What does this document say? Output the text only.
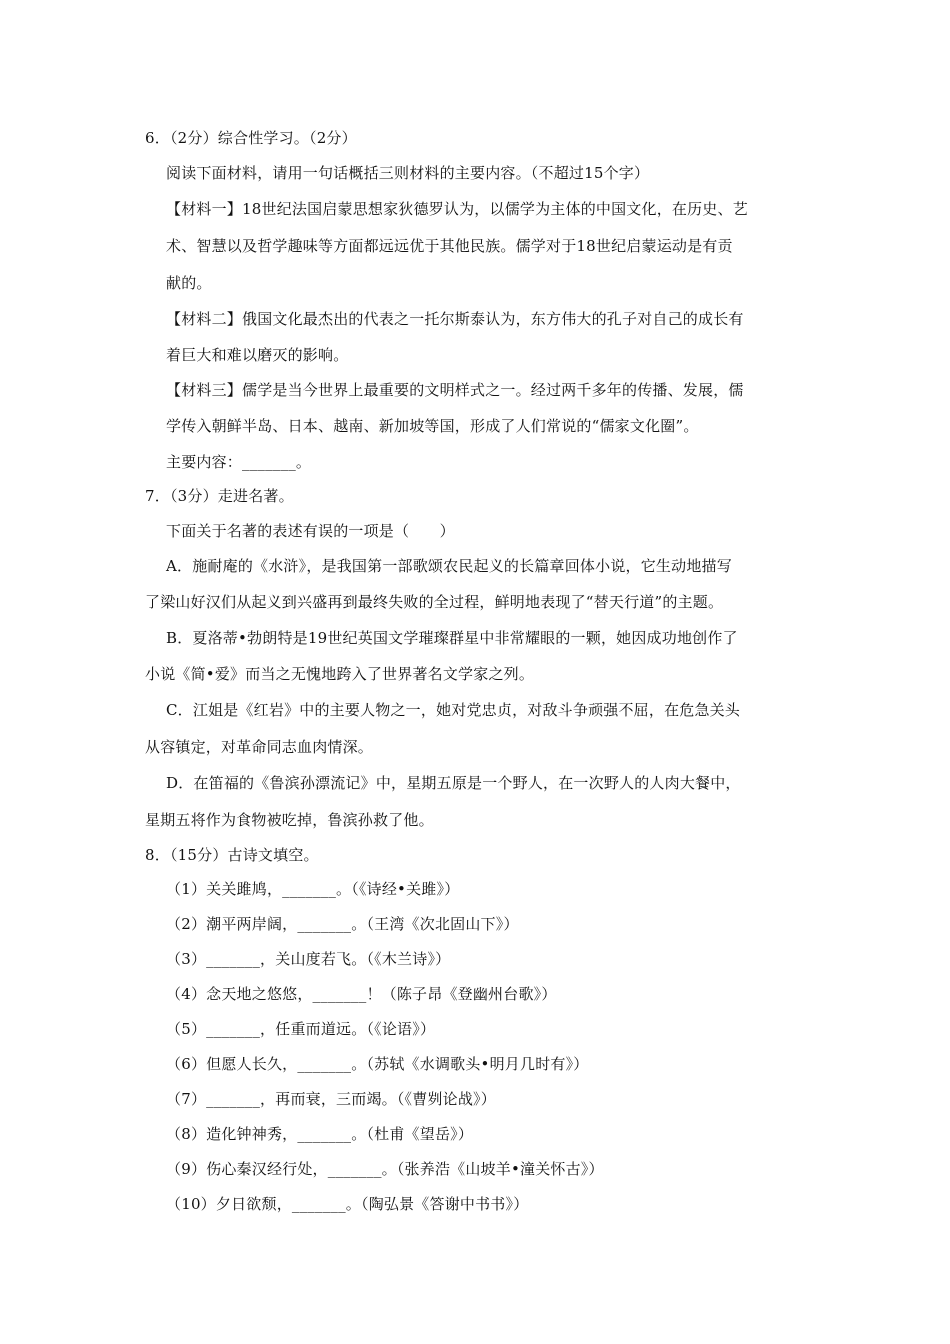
6．（2分）综合性学习。（2分）
阅读下面材料，请用一句话概括三则材料的主要内容。（不超过15个字）
【材料一】18世纪法国启蒙思想家狄德罗认为，以儒学为主体的中国文化，在历史、艺
术、智慧以及哲学趣味等方面都远远优于其他民族。儒学对于18世纪启蒙运动是有贡
献的。
【材料二】俄国文化最杰出的代表之一托尔斯泰认为，东方伟大的孔子对自己的成长有
着巨大和难以磨灭的影响。
【材料三】儒学是当今世界上最重要的文明样式之一。经过两千多年的传播、发展，儒
学传入朝鲜半岛、日本、越南、新加坡等国，形成了人们常说的“儒家文化圈”。
主要内容：_______。
7．（3分）走进名著。
下面关于名著的表述有误的一项是（　　）
A．施耐庵的《水浒》，是我国第一部歌颂农民起义的长篇章回体小说，它生动地描写
了梁山好汉们从起义到兴盛再到最终失败的全过程，鲜明地表现了“替天行道”的主题。
B．夏洛蒂•勃朗特是19世纪英国文学璀璨群星中非常耀眼的一颗，她因成功地创作了
小说《简•爱》而当之无愧地跨入了世界著名文学家之列。
C．江姐是《红岩》中的主要人物之一，她对党忠贞，对敌斗争顽强不屈，在危急关头
从容镇定，对革命同志血肉情深。
D．在笛福的《鲁滨孙漂流记》中，星期五原是一个野人，在一次野人的人肉大餐中，
星期五将作为食物被吃掉，鲁滨孙救了他。
8．（15分）古诗文填空。
（1）关关雎鸠，_______。（《诗经•关雎》）
（2）潮平两岸阔，_______。（王湾《次北固山下》）
（3）_______，关山度若飞。（《木兰诗》）
（4）念天地之悠悠，_______！（陈子昂《登幽州台歌》）
（5）_______，任重而道远。（《论语》）
（6）但愿人长久，_______。（苏轼《水调歌头•明月几时有》）
（7）_______，再而衰，三而竭。（《曹刿论战》）
（8）造化钟神秀，_______。（杜甫《望岳》）
（9）伤心秦汉经行处，_______。（张养浩《山坡羊•潼关怀古》）
（10）夕日欲颓，_______。（陶弘景《答谢中书书》）
